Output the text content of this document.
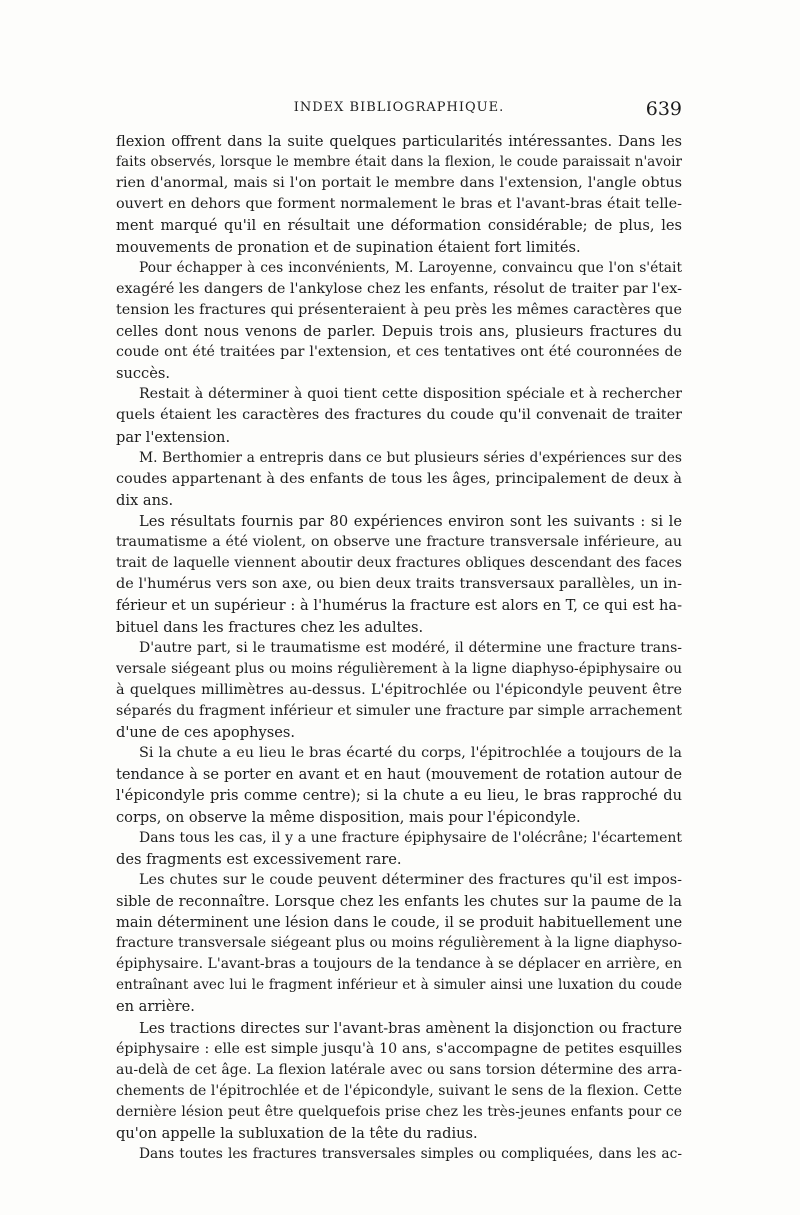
INDEX BIBLIOGRAPHIQUE.	639
flexion offrent dans la suite quelques particularités intéressantes. Dans les
faits observés, lorsque le membre était dans la flexion, le coude paraissait n'avoir
rien d'anormal, mais si l'on portait le membre dans l'extension, l'angle obtus
ouvert en dehors que forment normalement le bras et l'avant-bras était telle-
ment marqué qu'il en résultait une déformation considérable; de plus, les
mouvements de pronation et de supination étaient fort limités.
Pour échapper à ces inconvénients, M. Laroyenne, convaincu que l'on s'était
exagéré les dangers de l'ankylose chez les enfants, résolut de traiter par l'ex-
tension les fractures qui présenteraient à peu près les mêmes caractères que
celles dont nous venons de parler. Depuis trois ans, plusieurs fractures du
coude ont été traitées par l'extension, et ces tentatives ont été couronnées de
succès.
Restait à déterminer à quoi tient cette disposition spéciale et à rechercher
quels étaient les caractères des fractures du coude qu'il convenait de traiter
par l'extension.
M. Berthomier a entrepris dans ce but plusieurs séries d'expériences sur des
coudes appartenant à des enfants de tous les âges, principalement de deux à
dix ans.
Les résultats fournis par 80 expériences environ sont les suivants : si le
traumatisme a été violent, on observe une fracture transversale inférieure, au
trait de laquelle viennent aboutir deux fractures obliques descendant des faces
de l'humérus vers son axe, ou bien deux traits transversaux parallèles, un in-
férieur et un supérieur : à l'humérus la fracture est alors en T, ce qui est ha-
bituel dans les fractures chez les adultes.
D'autre part, si le traumatisme est modéré, il détermine une fracture trans-
versale siégeant plus ou moins régulièrement à la ligne diaphyso-épiphysaire ou
à quelques millimètres au-dessus. L'épitrochlée ou l'épicondyle peuvent être
séparés du fragment inférieur et simuler une fracture par simple arrachement
d'une de ces apophyses.
Si la chute a eu lieu le bras écarté du corps, l'épitrochlée a toujours de la
tendance à se porter en avant et en haut (mouvement de rotation autour de
l'épicondyle pris comme centre); si la chute a eu lieu, le bras rapproché du
corps, on observe la même disposition, mais pour l'épicondyle.
Dans tous les cas, il y a une fracture épiphysaire de l'olécrâne; l'écartement
des fragments est excessivement rare.
Les chutes sur le coude peuvent déterminer des fractures qu'il est impos-
sible de reconnaître. Lorsque chez les enfants les chutes sur la paume de la
main déterminent une lésion dans le coude, il se produit habituellement une
fracture transversale siégeant plus ou moins régulièrement à la ligne diaphyso-
épiphysaire. L'avant-bras a toujours de la tendance à se déplacer en arrière, en
entraînant avec lui le fragment inférieur et à simuler ainsi une luxation du coude
en arrière.
Les tractions directes sur l'avant-bras amènent la disjonction ou fracture
épiphysaire : elle est simple jusqu'à 10 ans, s'accompagne de petites esquilles
au-delà de cet âge. La flexion latérale avec ou sans torsion détermine des arra-
chements de l'épitrochlée et de l'épicondyle, suivant le sens de la flexion. Cette
dernière lésion peut être quelquefois prise chez les très-jeunes enfants pour ce
qu'on appelle la subluxation de la tête du radius.
Dans toutes les fractures transversales simples ou compliquées, dans les ac-
